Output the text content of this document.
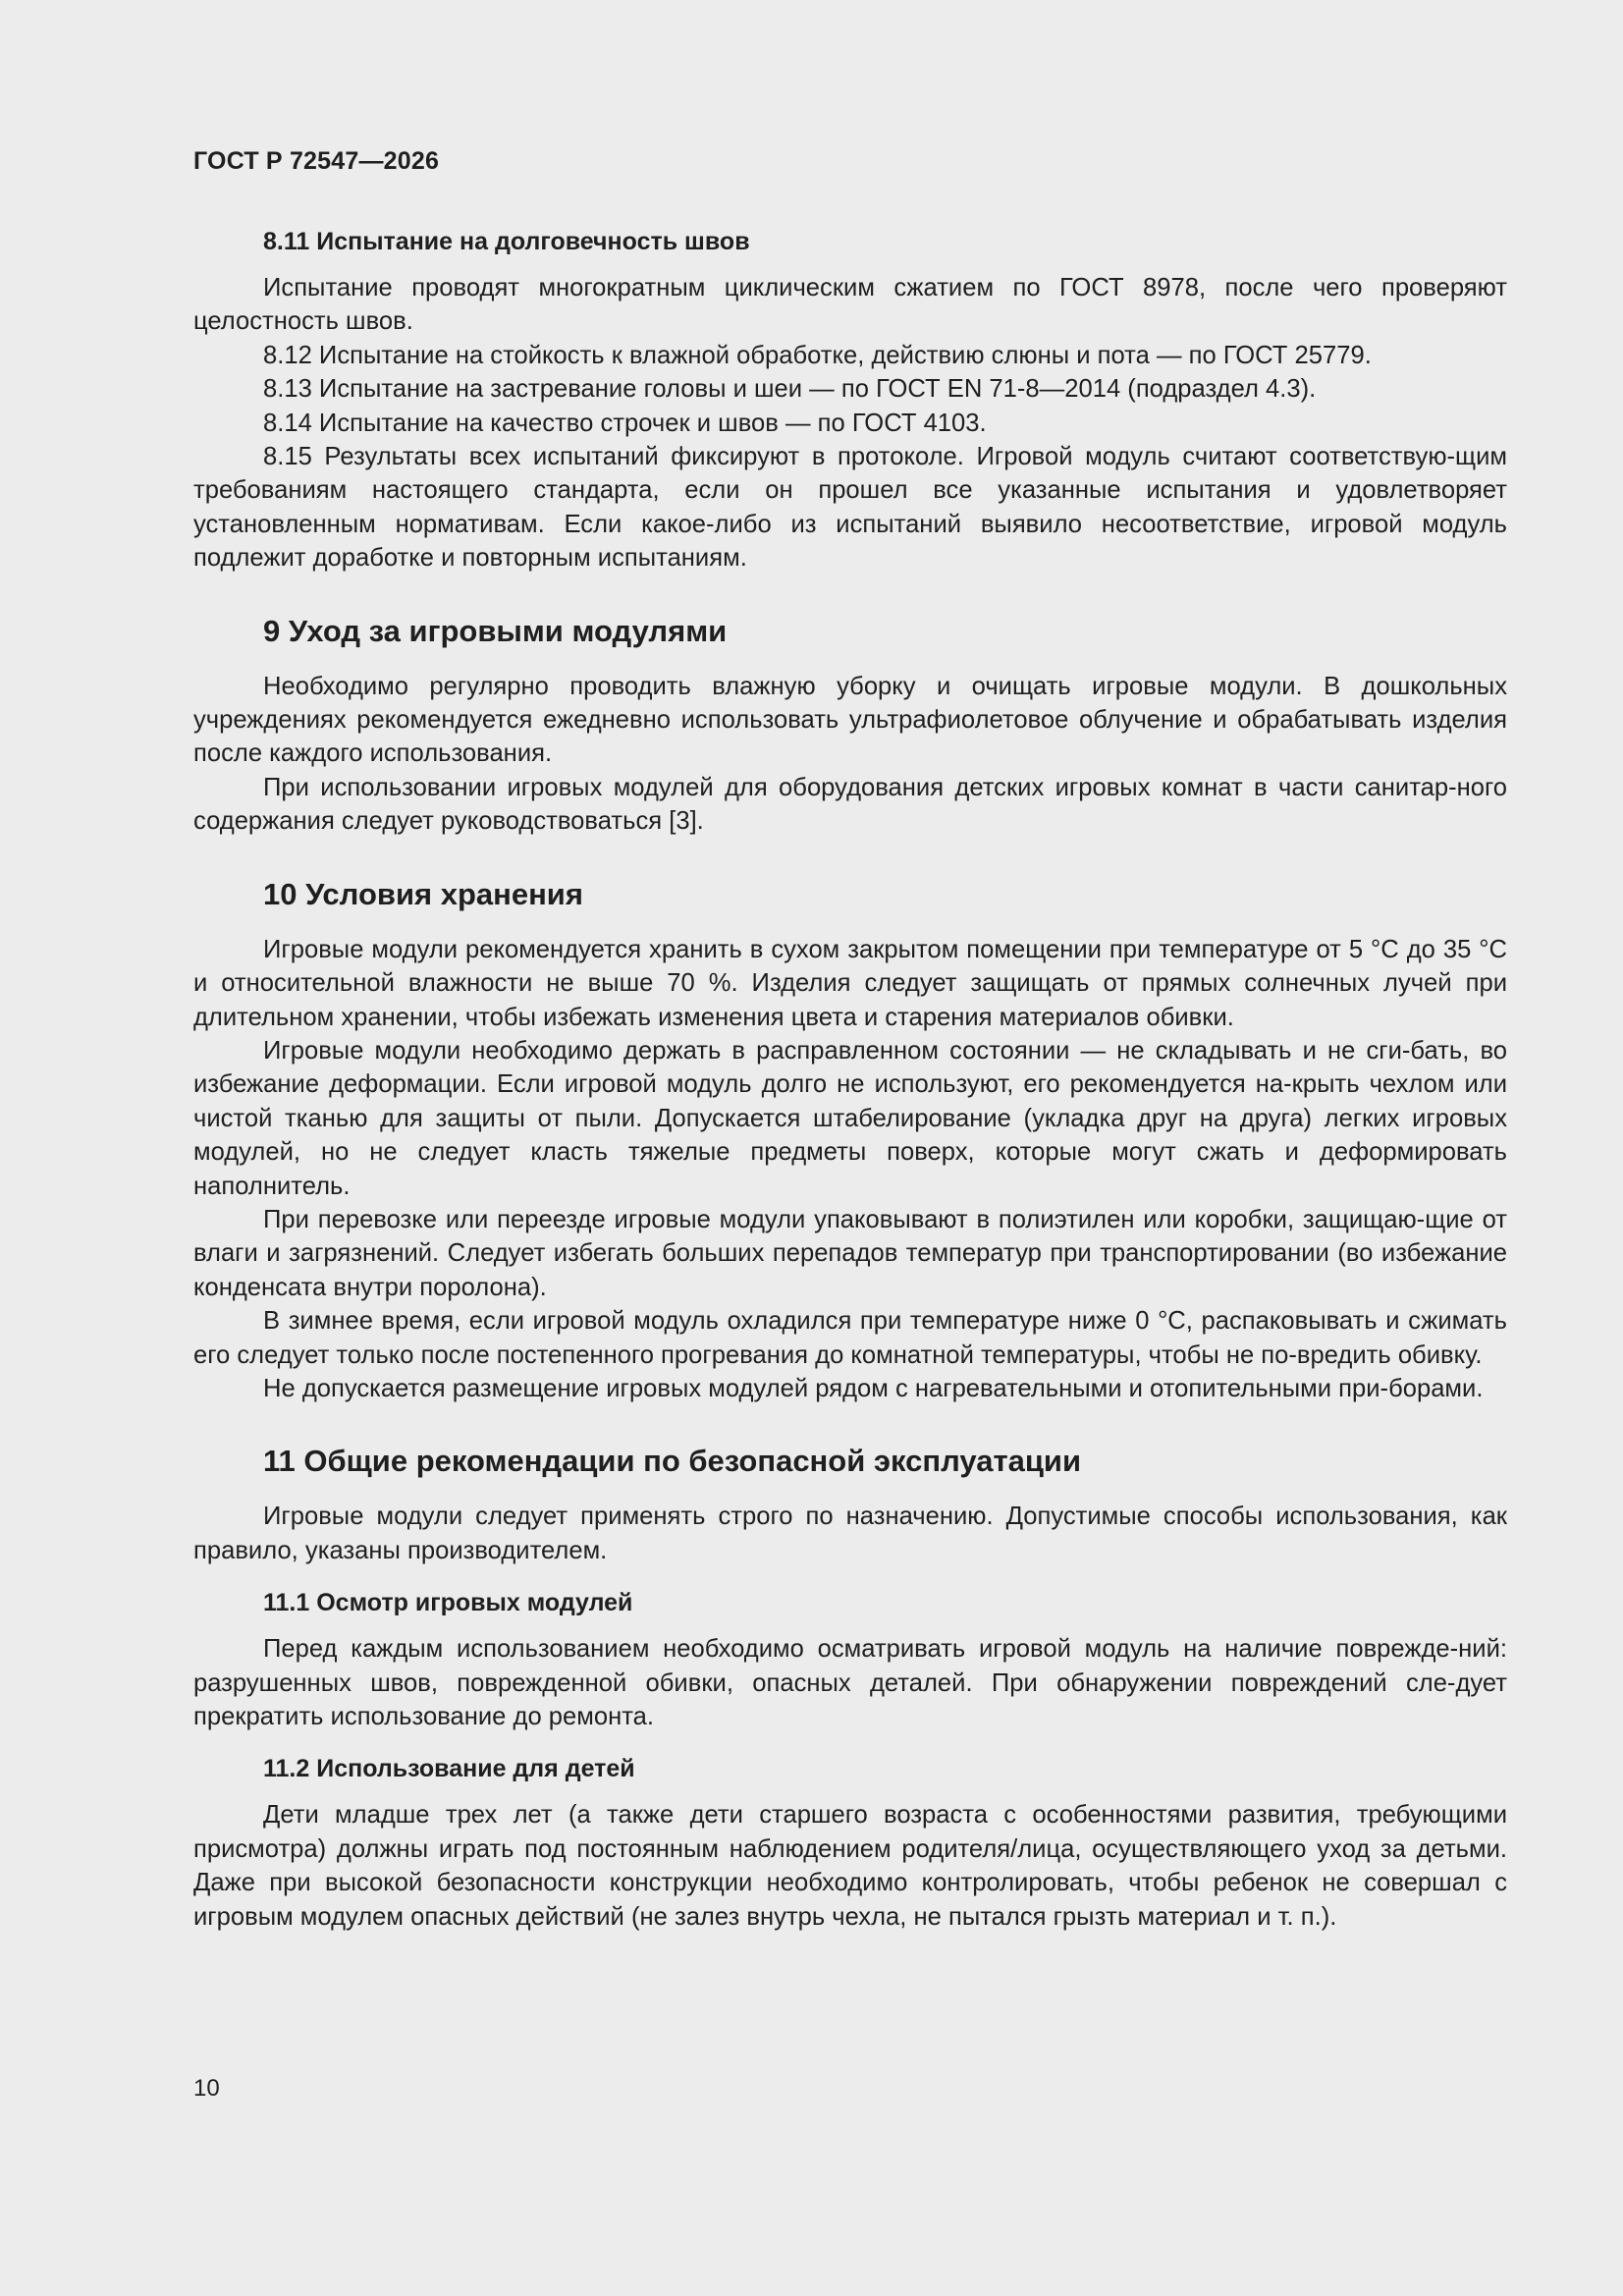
ГОСТ Р 72547—2026
8.11 Испытание на долговечность швов

Испытание проводят многократным циклическим сжатием по ГОСТ 8978, после чего проверяют целостность швов.

8.12 Испытание на стойкость к влажной обработке, действию слюны и пота — по ГОСТ 25779.

8.13 Испытание на застревание головы и шеи — по ГОСТ EN 71-8—2014 (подраздел 4.3).

8.14 Испытание на качество строчек и швов — по ГОСТ 4103.

8.15 Результаты всех испытаний фиксируют в протоколе. Игровой модуль считают соответствую-щим требованиям настоящего стандарта, если он прошел все указанные испытания и удовлетворяет установленным нормативам. Если какое-либо из испытаний выявило несоответствие, игровой модуль подлежит доработке и повторным испытаниям.

9 Уход за игровыми модулями

Необходимо регулярно проводить влажную уборку и очищать игровые модули. В дошкольных учреждениях рекомендуется ежедневно использовать ультрафиолетовое облучение и обрабатывать изделия после каждого использования.

При использовании игровых модулей для оборудования детских игровых комнат в части санитар-ного содержания следует руководствоваться [3].

10 Условия хранения

Игровые модули рекомендуется хранить в сухом закрытом помещении при температуре от 5 °С до 35 °С и относительной влажности не выше 70 %. Изделия следует защищать от прямых солнечных лучей при длительном хранении, чтобы избежать изменения цвета и старения материалов обивки.

Игровые модули необходимо держать в расправленном состоянии — не складывать и не сги-бать, во избежание деформации. Если игровой модуль долго не используют, его рекомендуется на-крыть чехлом или чистой тканью для защиты от пыли. Допускается штабелирование (укладка друг на друга) легких игровых модулей, но не следует класть тяжелые предметы поверх, которые могут сжать и деформировать наполнитель.

При перевозке или переезде игровые модули упаковывают в полиэтилен или коробки, защищаю-щие от влаги и загрязнений. Следует избегать больших перепадов температур при транспортировании (во избежание конденсата внутри поролона).

В зимнее время, если игровой модуль охладился при температуре ниже 0 °С, распаковывать и сжимать его следует только после постепенного прогревания до комнатной температуры, чтобы не по-вредить обивку.

Не допускается размещение игровых модулей рядом с нагревательными и отопительными при-борами.

11 Общие рекомендации по безопасной эксплуатации

Игровые модули следует применять строго по назначению. Допустимые способы использования, как правило, указаны производителем.

11.1 Осмотр игровых модулей

Перед каждым использованием необходимо осматривать игровой модуль на наличие поврежде-ний: разрушенных швов, поврежденной обивки, опасных деталей. При обнаружении повреждений сле-дует прекратить использование до ремонта.

11.2 Использование для детей

Дети младше трех лет (а также дети старшего возраста с особенностями развития, требующими присмотра) должны играть под постоянным наблюдением родителя/лица, осуществляющего уход за детьми. Даже при высокой безопасности конструкции необходимо контролировать, чтобы ребенок не совершал с игровым модулем опасных действий (не залез внутрь чехла, не пытался грызть материал и т. п.).

10
